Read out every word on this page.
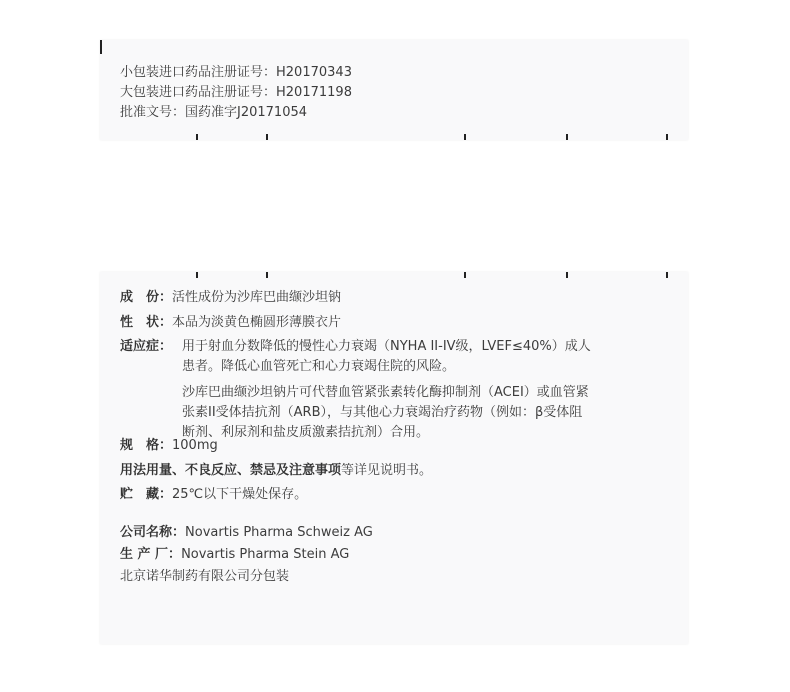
小包装进口药品注册证号：H20170343
大包装进口药品注册证号：H20171198
批准文号：国药准字J20171054
成　份：活性成份为沙库巴曲缬沙坦钠
性　状：本品为淡黄色椭圆形薄膜衣片
适应症： 用于射血分数降低的慢性心力衰竭（NYHA II-IV级，LVEF≤40%）成人
患者。降低心血管死亡和心力衰竭住院的风险。
沙库巴曲缬沙坦钠片可代替血管紧张素转化酶抑制剂（ACEI）或血管紧
张素II受体拮抗剂（ARB），与其他心力衰竭治疗药物（例如：β受体阻
断剂、利尿剂和盐皮质激素拮抗剂）合用。
规　格：100mg
用法用量、不良反应、禁忌及注意事项等详见说明书。
贮　藏：25℃以下干燥处保存。
公司名称：Novartis Pharma Schweiz AG
生 产 厂：Novartis Pharma Stein AG
北京诺华制药有限公司分包装
